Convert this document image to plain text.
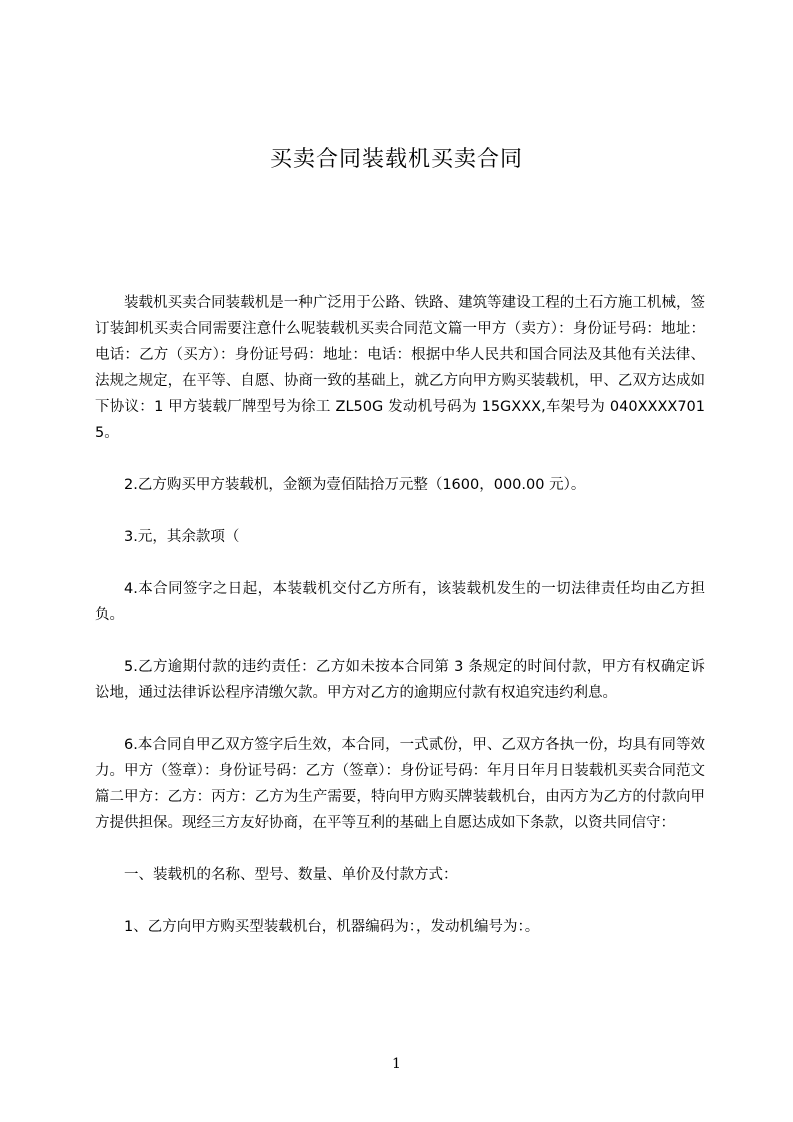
买卖合同装载机买卖合同

装载机买卖合同装载机是一种广泛用于公路、铁路、建筑等建设工程的土石方施工机械，签订装卸机买卖合同需要注意什么呢装载机买卖合同范文篇一甲方（卖方）：身份证号码：地址：电话：乙方（买方）：身份证号码：地址：电话：根据中华人民共和国合同法及其他有关法律、法规之规定，在平等、自愿、协商一致的基础上，就乙方向甲方购买装载机，甲、乙双方达成如下协议：1 甲方装载厂牌型号为徐工 ZL50G 发动机号码为 15GXXX,车架号为 040XXXX7015。

2.乙方购买甲方装载机，金额为壹佰陆拾万元整（1600，000.00 元）。

3.元，其余款项（

4.本合同签字之日起，本装载机交付乙方所有，该装载机发生的一切法律责任均由乙方担负。

5.乙方逾期付款的违约责任：乙方如未按本合同第 3 条规定的时间付款，甲方有权确定诉讼地，通过法律诉讼程序清缴欠款。甲方对乙方的逾期应付款有权追究违约利息。

6.本合同自甲乙双方签字后生效，本合同，一式贰份，甲、乙双方各执一份，均具有同等效力。甲方（签章）：身份证号码：乙方（签章）：身份证号码：年月日年月日装载机买卖合同范文篇二甲方：乙方：丙方：乙方为生产需要，特向甲方购买牌装载机台，由丙方为乙方的付款向甲方提供担保。现经三方友好协商，在平等互利的基础上自愿达成如下条款，以资共同信守：

一、装载机的名称、型号、数量、单价及付款方式：

1、乙方向甲方购买型装载机台，机器编码为：，发动机编号为：。

1
